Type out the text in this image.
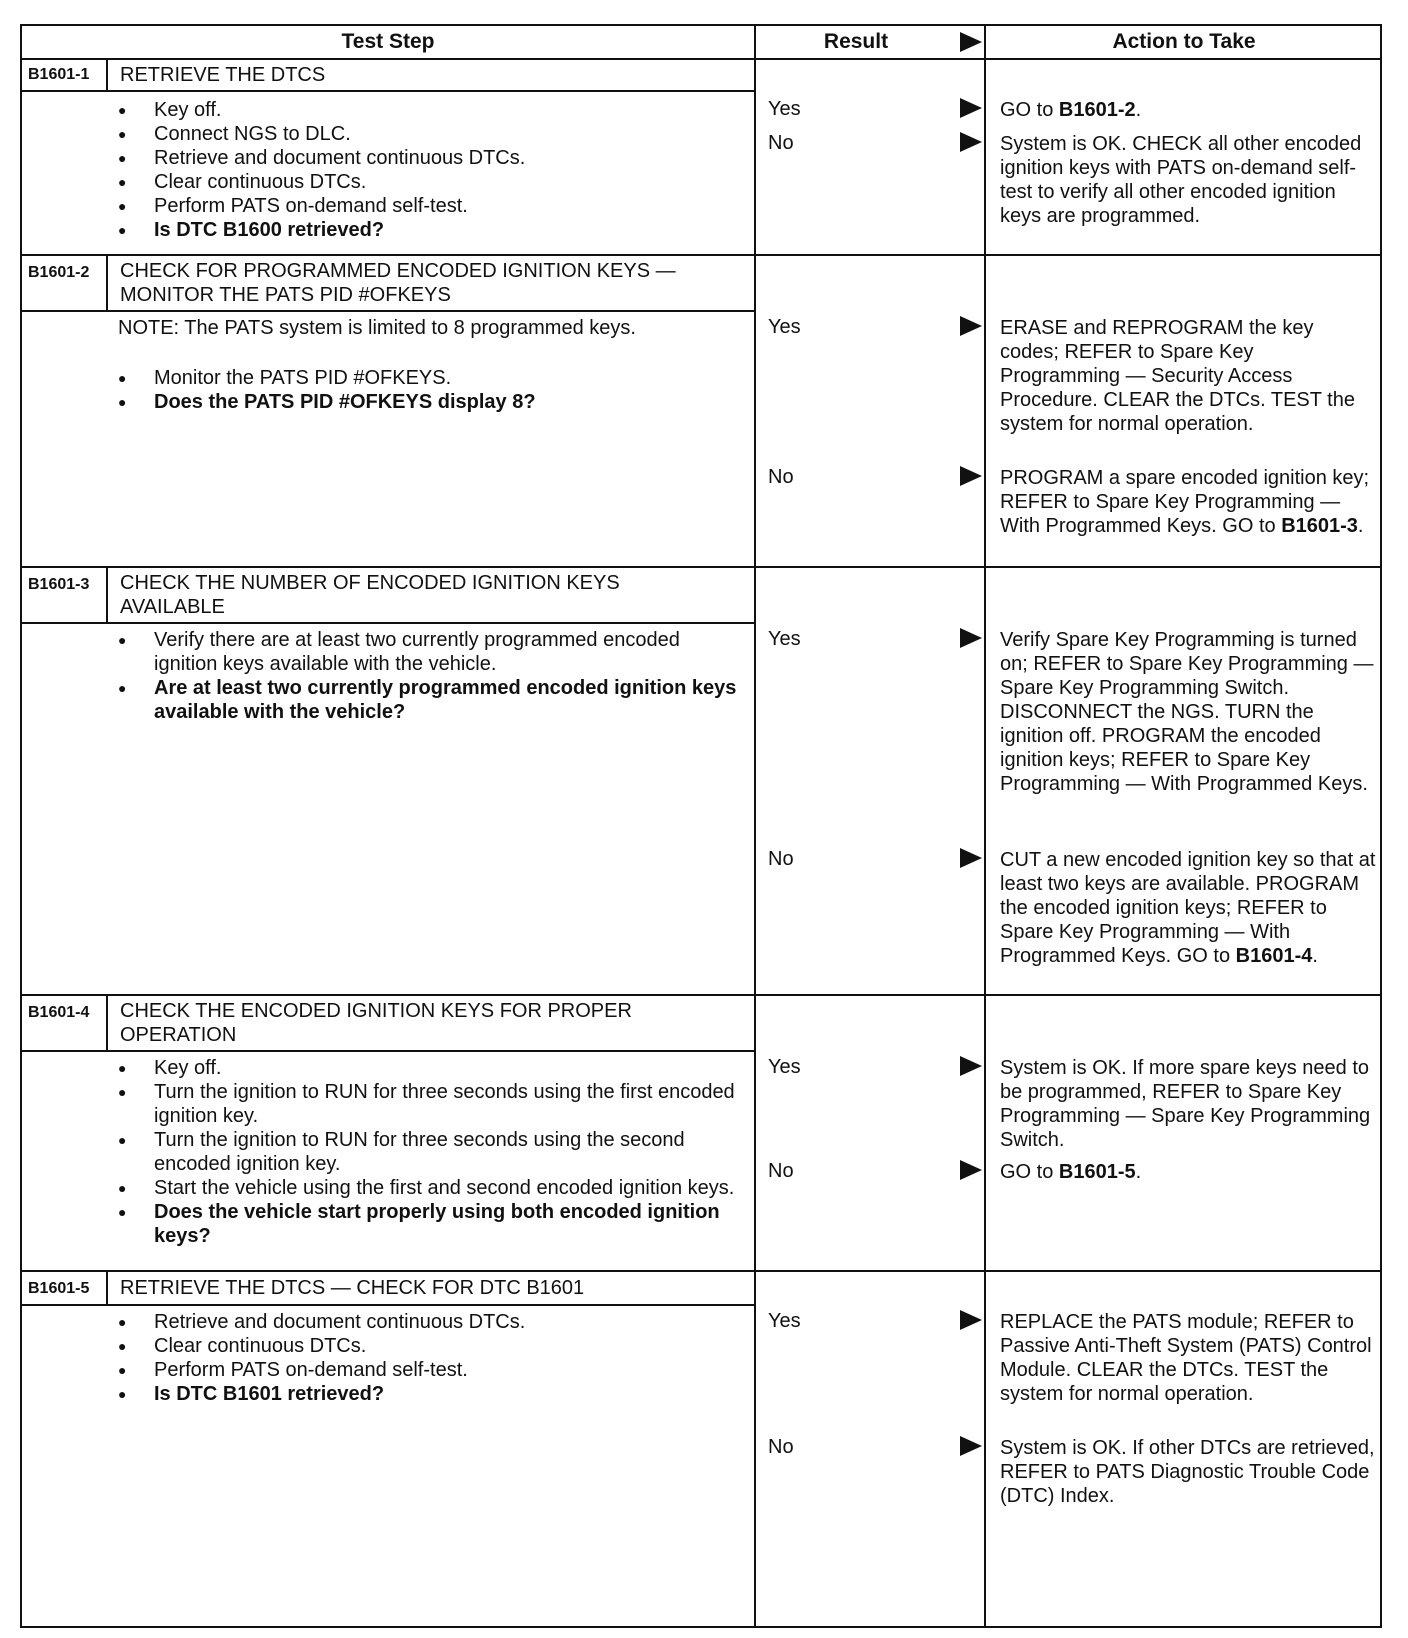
Test Step	Result	Action to Take
B1601-1 RETRIEVE THE DTCS
● Key off.
● Connect NGS to DLC.
● Retrieve and document continuous DTCs.
● Clear continuous DTCs.
● Perform PATS on-demand self-test.
● Is DTC B1600 retrieved?
Yes	GO to B1601-2.
No	System is OK. CHECK all other encoded ignition keys with PATS on-demand self-test to verify all other encoded ignition keys are programmed.
B1601-2 CHECK FOR PROGRAMMED ENCODED IGNITION KEYS — MONITOR THE PATS PID #OFKEYS
NOTE: The PATS system is limited to 8 programmed keys.
● Monitor the PATS PID #OFKEYS.
● Does the PATS PID #OFKEYS display 8?
Yes	ERASE and REPROGRAM the key codes; REFER to Spare Key Programming — Security Access Procedure. CLEAR the DTCs. TEST the system for normal operation.
No	PROGRAM a spare encoded ignition key; REFER to Spare Key Programming — With Programmed Keys. GO to B1601-3.
B1601-3 CHECK THE NUMBER OF ENCODED IGNITION KEYS AVAILABLE
● Verify there are at least two currently programmed encoded ignition keys available with the vehicle.
● Are at least two currently programmed encoded ignition keys available with the vehicle?
Yes	Verify Spare Key Programming is turned on; REFER to Spare Key Programming — Spare Key Programming Switch. DISCONNECT the NGS. TURN the ignition off. PROGRAM the encoded ignition keys; REFER to Spare Key Programming — With Programmed Keys.
No	CUT a new encoded ignition key so that at least two keys are available. PROGRAM the encoded ignition keys; REFER to Spare Key Programming — With Programmed Keys. GO to B1601-4.
B1601-4 CHECK THE ENCODED IGNITION KEYS FOR PROPER OPERATION
● Key off.
● Turn the ignition to RUN for three seconds using the first encoded ignition key.
● Turn the ignition to RUN for three seconds using the second encoded ignition key.
● Start the vehicle using the first and second encoded ignition keys.
● Does the vehicle start properly using both encoded ignition keys?
Yes	System is OK. If more spare keys need to be programmed, REFER to Spare Key Programming — Spare Key Programming Switch.
No	GO to B1601-5.
B1601-5 RETRIEVE THE DTCS — CHECK FOR DTC B1601
● Retrieve and document continuous DTCs.
● Clear continuous DTCs.
● Perform PATS on-demand self-test.
● Is DTC B1601 retrieved?
Yes	REPLACE the PATS module; REFER to Passive Anti-Theft System (PATS) Control Module. CLEAR the DTCs. TEST the system for normal operation.
No	System is OK. If other DTCs are retrieved, REFER to PATS Diagnostic Trouble Code (DTC) Index.
